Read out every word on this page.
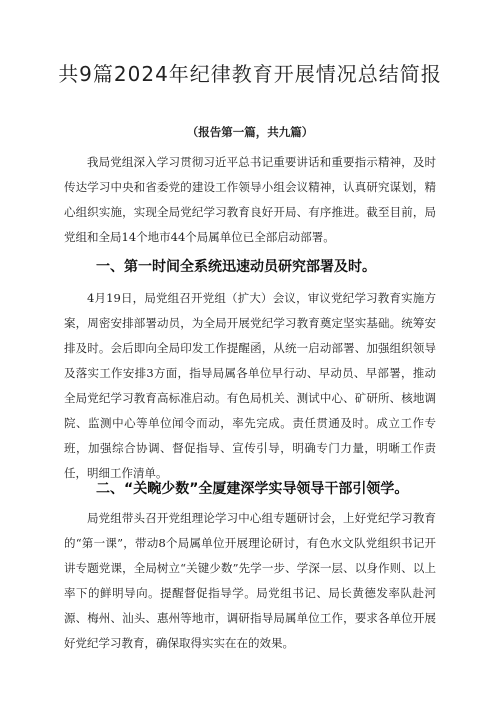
共9篇2024年纪律教育开展情况总结简报
（报告第一篇，共九篇）

我局党组深入学习贯彻习近平总书记重要讲话和重要指示精神，及时传达学习中央和省委党的建设工作领导小组会议精神，认真研究谋划，精心组织实施，实现全局党纪学习教育良好开局、有序推进。截至目前，局党组和全局14个地市44个局属单位已全部启动部署。

一、第一时间全系统迅速动员研究部署及时。

4月19日，局党组召开党组（扩大）会议，审议党纪学习教育实施方案，周密安排部署动员，为全局开展党纪学习教育奠定坚实基础。统筹安排及时。会后即向全局印发工作提醒函，从统一启动部署、加强组织领导及落实工作安排3方面，指导局属各单位早行动、早动员、早部署，推动全局党纪学习教育高标准启动。有色局机关、测试中心、矿研所、核地调院、监测中心等单位闻令而动，率先完成。责任贯通及时。成立工作专班，加强综合协调、督促指导、宣传引导，明确专门力量，明晰工作责任，明细工作清单。

二、“关畹少数”全厦建深学实导领导干部引领学。

局党组带头召开党组理论学习中心组专题研讨会，上好党纪学习教育的“第一课”，带动8个局属单位开展理论研讨，有色水文队党组织书记开讲专题党课，全局树立“关键少数”先学一步、学深一层、以身作则、以上率下的鲜明导向。提醒督促指导学。局党组书记、局长黄德发率队赴河源、梅州、汕头、惠州等地市，调研指导局属单位工作，要求各单位开展好党纪学习教育，确保取得实实在在的效果。
